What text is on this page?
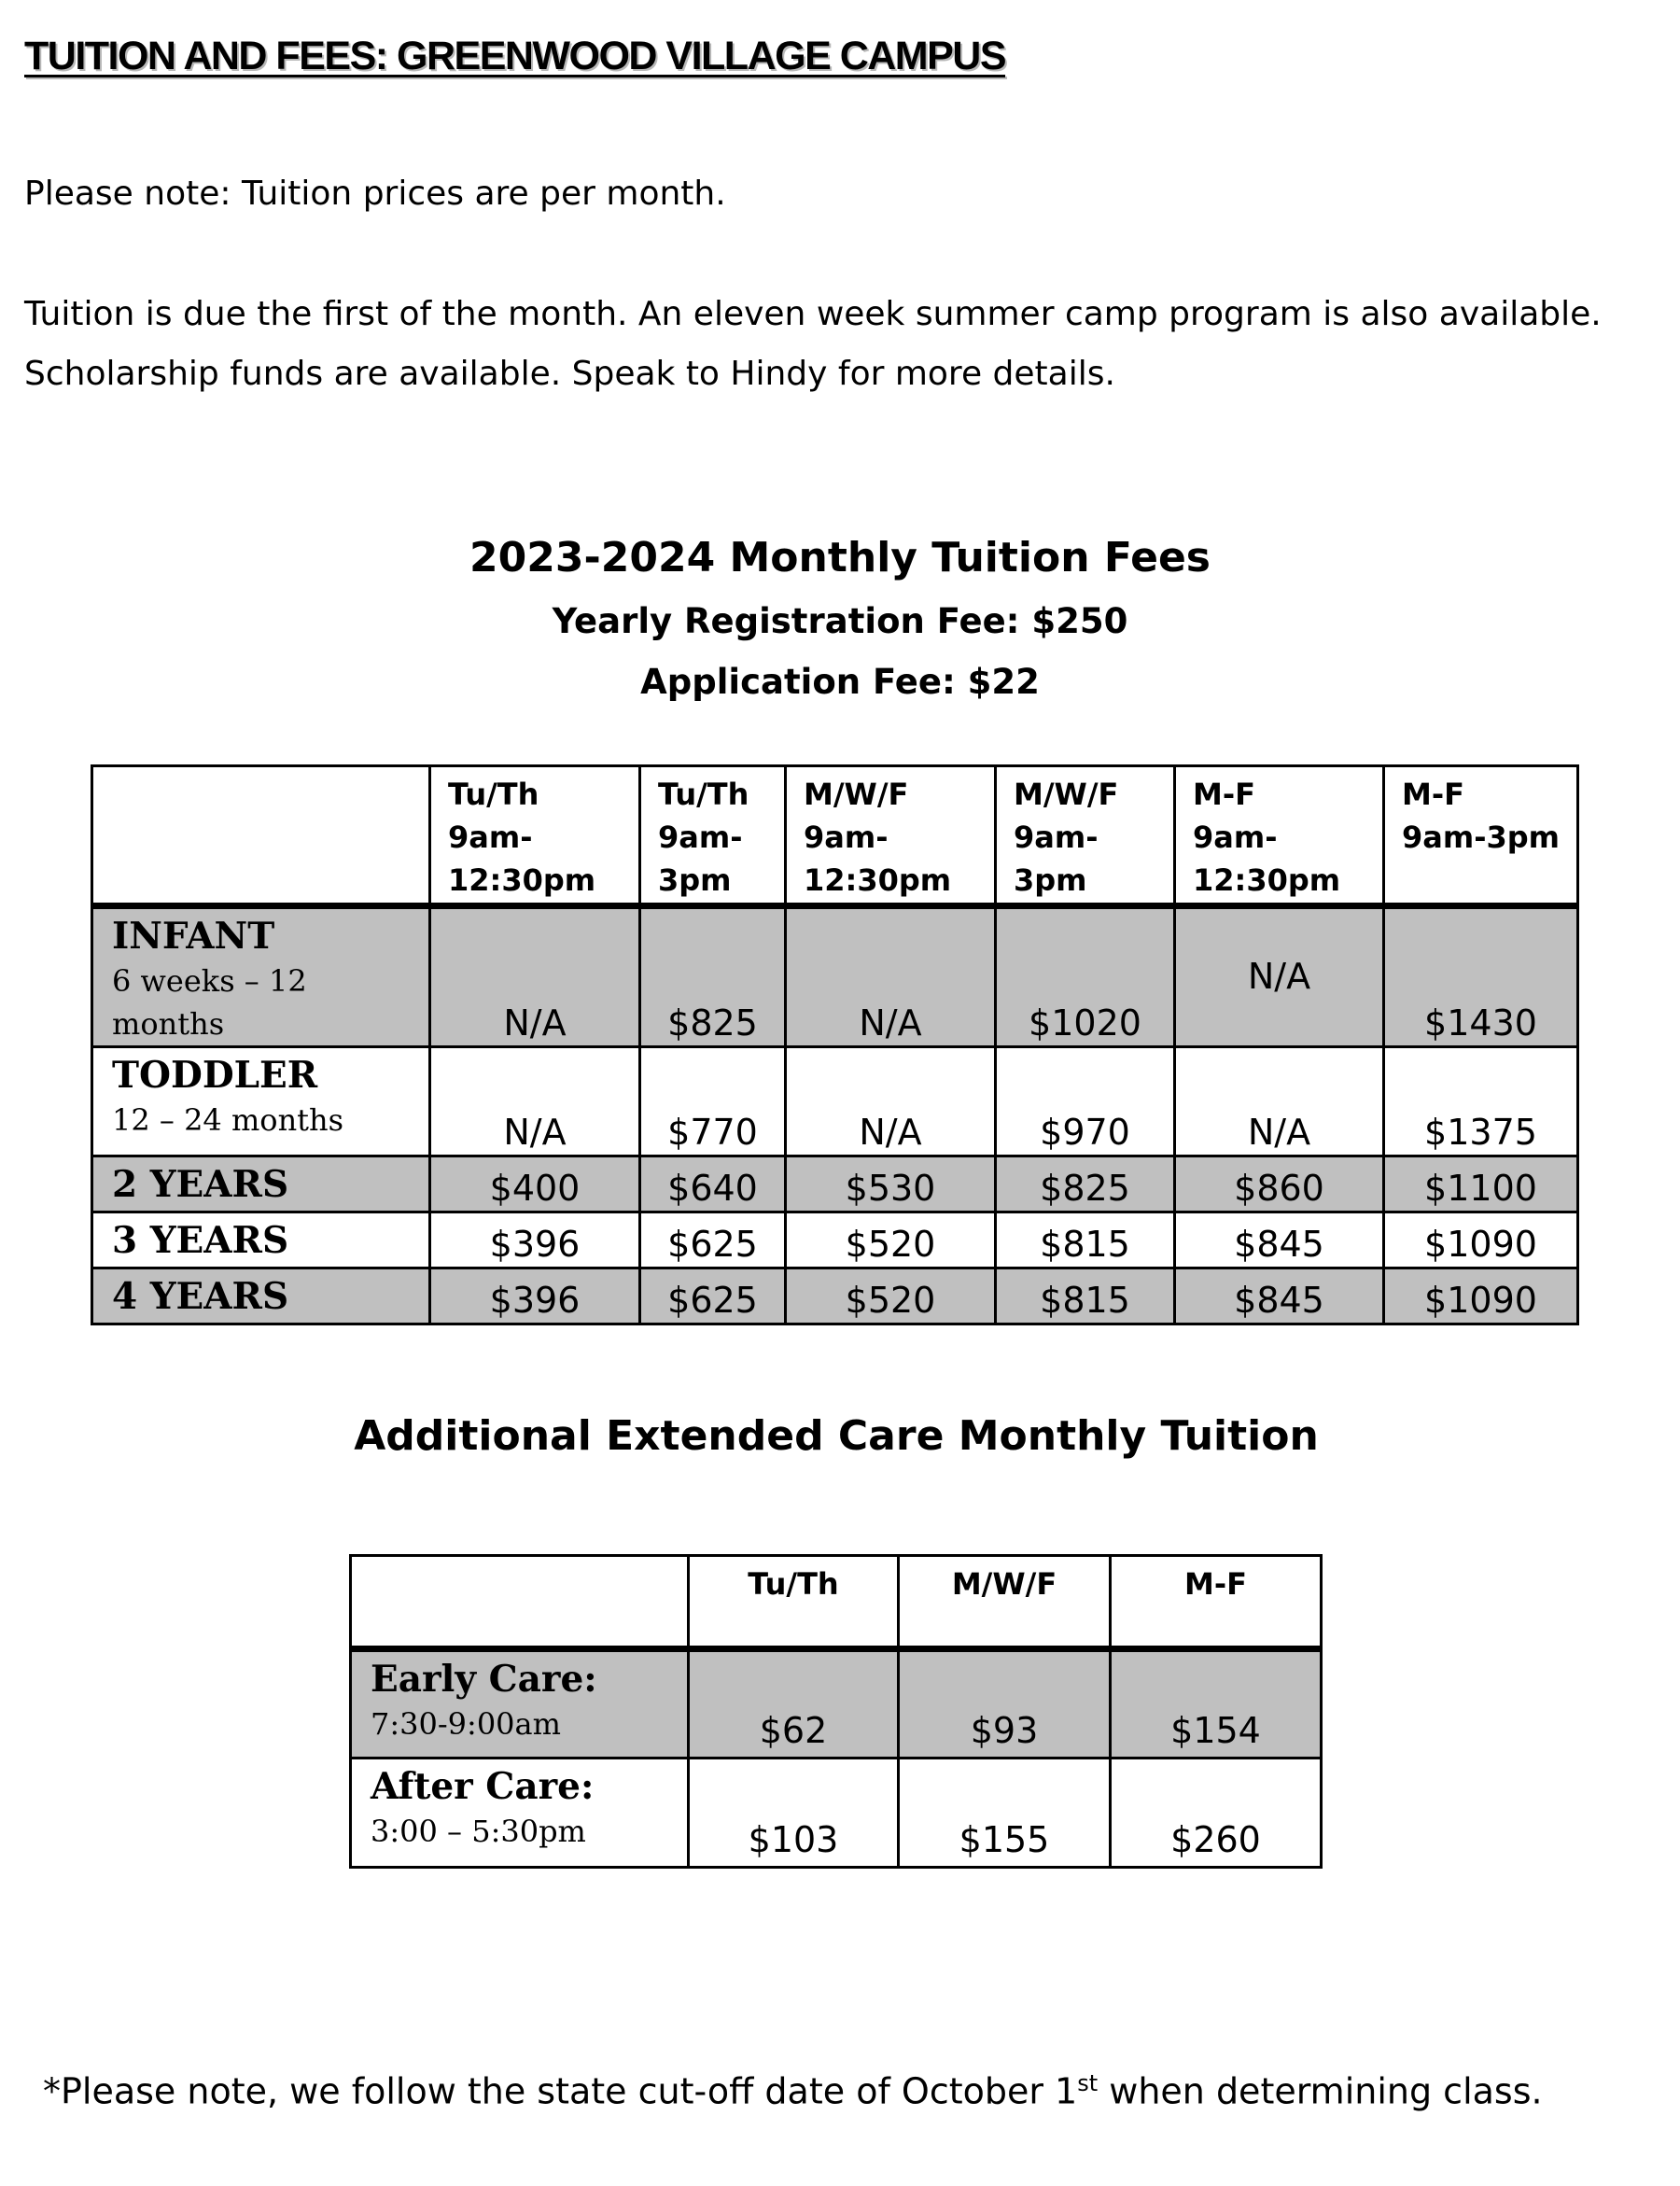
TUITION AND FEES: GREENWOOD VILLAGE CAMPUS
Please note: Tuition prices are per month.
Tuition is due the first of the month. An eleven week summer camp program is also available.
Scholarship funds are available. Speak to Hindy for more details.
2023-2024 Monthly Tuition Fees
Yearly Registration Fee: $250
Application Fee: $22
	Tu/Th
9am-
12:30pm	Tu/Th
9am-
3pm	M/W/F
9am-
12:30pm	M/W/F
9am-
3pm	M-F
9am-
12:30pm	M-F
9am-3pm

INFANT
6 weeks – 12
months	N/A	$825	N/A	$1020	N/A	$1430

TODDLER
12 – 24 months	N/A	$770	N/A	$970	N/A	$1375

2 YEARS	$400	$640	$530	$825	$860	$1100

3 YEARS	$396	$625	$520	$815	$845	$1090

4 YEARS	$396	$625	$520	$815	$845	$1090
Additional Extended Care Monthly Tuition
	Tu/Th	M/W/F	M-F

Early Care:
7:30-9:00am	$62	$93	$154

After Care:
3:00 – 5:30pm	$103	$155	$260
*Please note, we follow the state cut-off date of October 1st when determining class.
